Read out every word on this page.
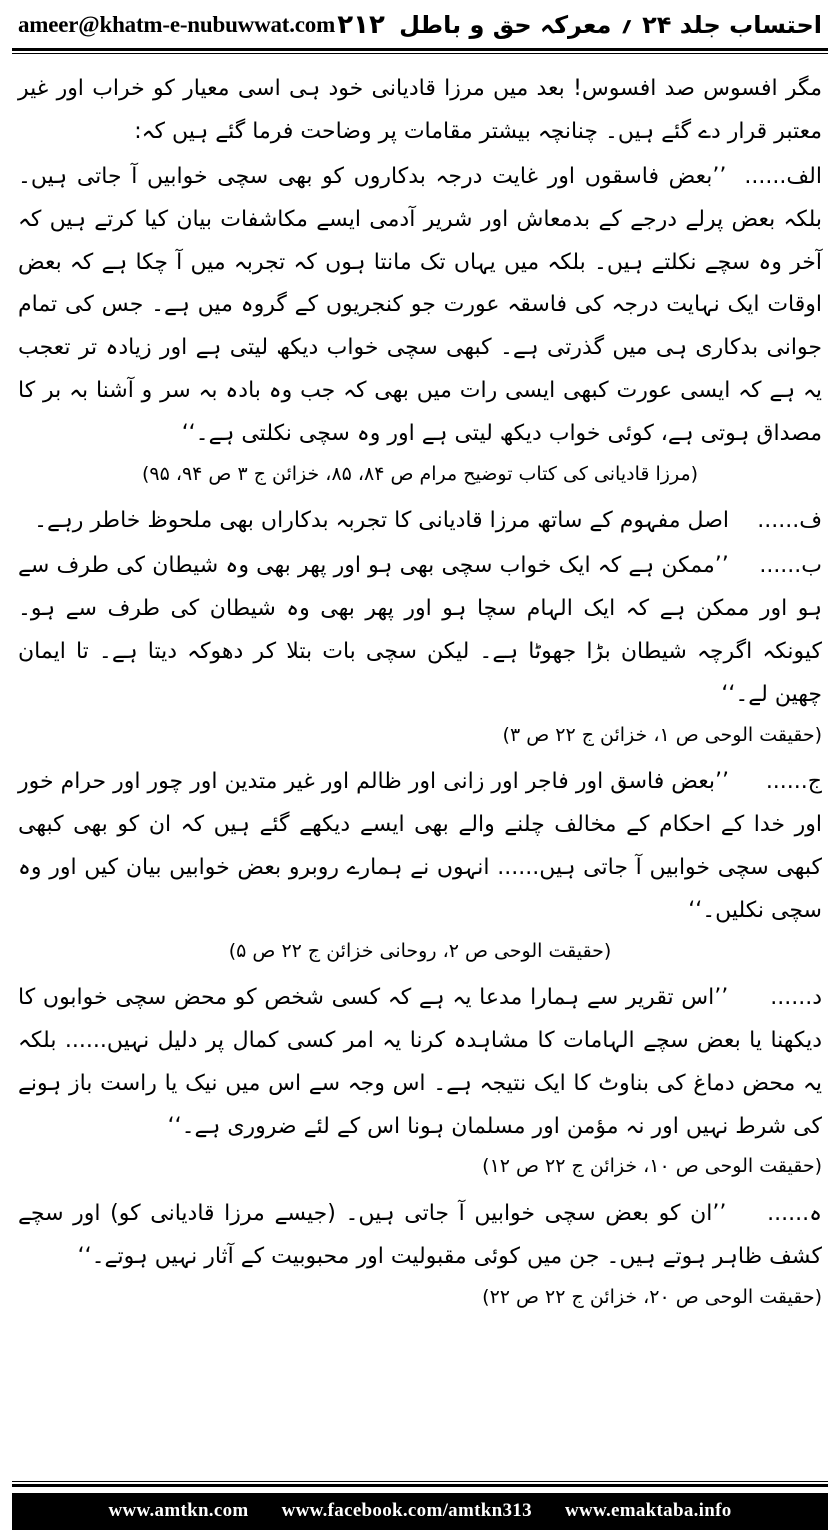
ameer@khatm-e-nubuwwat.com ۲۱۲ احتساب جلد ۲۴ ؍ معرکہ حق و باطل

مگر افسوس صد افسوس! بعد میں مرزا قادیانی خود ہی اسی معیار کو خراب اور غیر معتبر قرار دے گئے ہیں۔ چنانچہ بیشتر مقامات پر وضاحت فرما گئے ہیں کہ:

الف...... ’’بعض فاسقوں اور غایت درجہ بدکاروں کو بھی سچی خوابیں آ جاتی ہیں۔ بلکہ بعض پرلے درجے کے بدمعاش اور شریر آدمی ایسے مکاشفات بیان کیا کرتے ہیں کہ آخر وہ سچے نکلتے ہیں۔ بلکہ میں یہاں تک مانتا ہوں کہ تجربہ میں آ چکا ہے کہ بعض اوقات ایک نہایت درجہ کی فاسقہ عورت جو کنجریوں کے گروہ میں ہے۔ جس کی تمام جوانی بدکاری ہی میں گذرتی ہے۔ کبھی سچی خواب دیکھ لیتی ہے اور زیادہ تر تعجب یہ ہے کہ ایسی عورت کبھی ایسی رات میں بھی کہ جب وہ بادہ بہ سر و آشنا بہ بر کا مصداق ہوتی ہے، کوئی خواب دیکھ لیتی ہے اور وہ سچی نکلتی ہے۔‘‘

(مرزا قادیانی کی کتاب توضیح مرام ص ۸۴، ۸۵، خزائن ج ۳ ص ۹۴، ۹۵)

ف...... اصل مفہوم کے ساتھ مرزا قادیانی کا تجربہ بدکاراں بھی ملحوظ خاطر رہے۔

ب...... ’’ممکن ہے کہ ایک خواب سچی بھی ہو اور پھر بھی وہ شیطان کی طرف سے ہو اور ممکن ہے کہ ایک الہام سچا ہو اور پھر بھی وہ شیطان کی طرف سے ہو۔ کیونکہ اگرچہ شیطان بڑا جھوٹا ہے۔ لیکن سچی بات بتلا کر دھوکہ دیتا ہے۔ تا ایمان چھین لے۔‘‘

(حقیقت الوحی ص ۱، خزائن ج ۲۲ ص ۳)

ج...... ’’بعض فاسق اور فاجر اور زانی اور ظالم اور غیر متدین اور چور اور حرام خور اور خدا کے احکام کے مخالف چلنے والے بھی ایسے دیکھے گئے ہیں کہ ان کو بھی کبھی کبھی سچی خوابیں آ جاتی ہیں...... انہوں نے ہمارے روبرو بعض خوابیں بیان کیں اور وہ سچی نکلیں۔‘‘

(حقیقت الوحی ص ۲، روحانی خزائن ج ۲۲ ص ۵)

د...... ’’اس تقریر سے ہمارا مدعا یہ ہے کہ کسی شخص کو محض سچی خوابوں کا دیکھنا یا بعض سچے الہامات کا مشاہدہ کرنا یہ امر کسی کمال پر دلیل نہیں...... بلکہ یہ محض دماغ کی بناوٹ کا ایک نتیجہ ہے۔ اس وجہ سے اس میں نیک یا راست باز ہونے کی شرط نہیں اور نہ مؤمن اور مسلمان ہونا اس کے لئے ضروری ہے۔‘‘

(حقیقت الوحی ص ۱۰، خزائن ج ۲۲ ص ۱۲)

ہ...... ’’ان کو بعض سچی خوابیں آ جاتی ہیں۔ (جیسے مرزا قادیانی کو) اور سچے کشف ظاہر ہوتے ہیں۔ جن میں کوئی مقبولیت اور محبوبیت کے آثار نہیں ہوتے۔‘‘

(حقیقت الوحی ص ۲۰، خزائن ج ۲۲ ص ۲۲)

www.amtkn.com www.facebook.com/amtkn313 www.emaktaba.info
